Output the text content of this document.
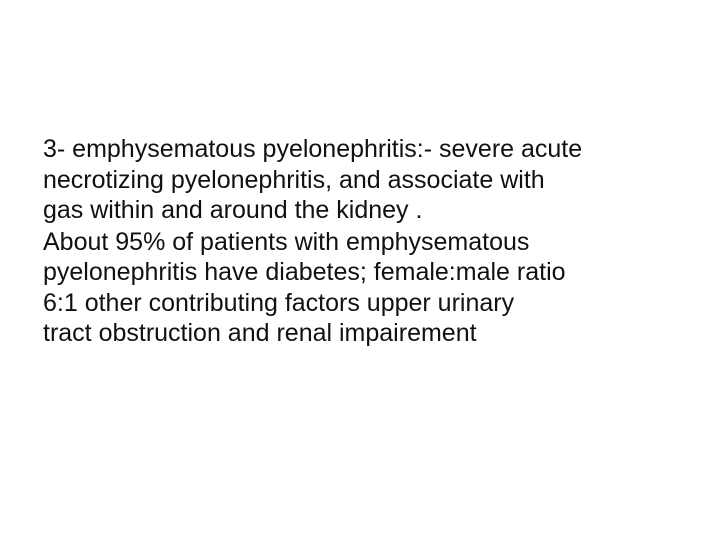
3- emphysematous pyelonephritis:- severe acute
necrotizing pyelonephritis, and associate with
gas within and around the kidney .
About 95% of patients with emphysematous
pyelonephritis have diabetes; female:male ratio
6:1 other contributing factors upper urinary
tract obstruction and renal impairement
